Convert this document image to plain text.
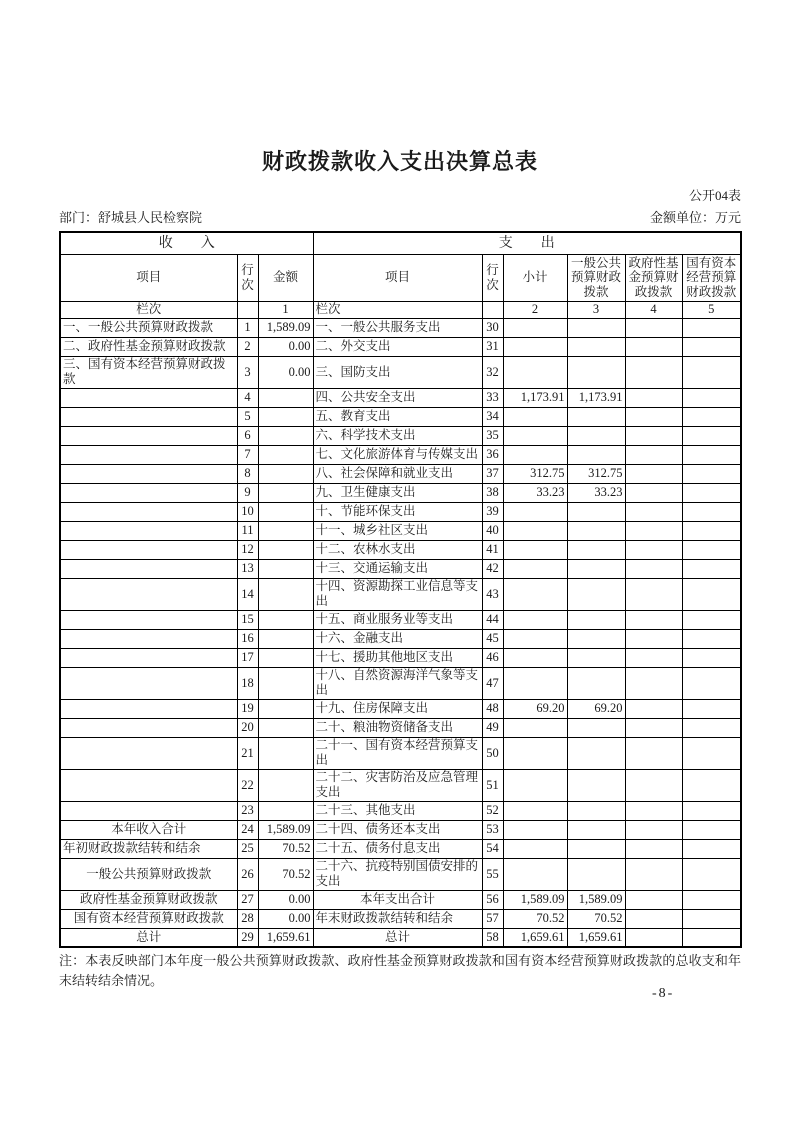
财政拨款收入支出决算总表
公开04表
部门：舒城县人民检察院	金额单位：万元
收　　入			支　　出					
项目	行次	金额	项目	行次	小计	一般公共预算财政拨款	政府性基金预算财政拨款	国有资本经营预算财政拨款
栏次		1	栏次		2	3	4	5
一、一般公共预算财政拨款	1	1,589.09	一、一般公共服务支出	30				
二、政府性基金预算财政拨款	2	0.00	二、外交支出	31				
三、国有资本经营预算财政拨款	3	0.00	三、国防支出	32				
	4		四、公共安全支出	33	1,173.91	1,173.91		
	5		五、教育支出	34				
	6		六、科学技术支出	35				
	7		七、文化旅游体育与传媒支出	36				
	8		八、社会保障和就业支出	37	312.75	312.75		
	9		九、卫生健康支出	38	33.23	33.23		
	10		十、节能环保支出	39				
	11		十一、城乡社区支出	40				
	12		十二、农林水支出	41				
	13		十三、交通运输支出	42				
	14		十四、资源勘探工业信息等支出	43				
	15		十五、商业服务业等支出	44				
	16		十六、金融支出	45				
	17		十七、援助其他地区支出	46				
	18		十八、自然资源海洋气象等支出	47				
	19		十九、住房保障支出	48	69.20	69.20		
	20		二十、粮油物资储备支出	49				
	21		二十一、国有资本经营预算支出	50				
	22		二十二、灾害防治及应急管理支出	51				
	23		二十三、其他支出	52				
本年收入合计	24	1,589.09	二十四、债务还本支出	53				
年初财政拨款结转和结余	25	70.52	二十五、债务付息支出	54				
一般公共预算财政拨款	26	70.52	二十六、抗疫特别国债安排的支出	55				
政府性基金预算财政拨款	27	0.00	本年支出合计	56	1,589.09	1,589.09		
国有资本经营预算财政拨款	28	0.00	年末财政拨款结转和结余	57	70.52	70.52		
总计	29	1,659.61	总计	58	1,659.61	1,659.61		
注：本表反映部门本年度一般公共预算财政拨款、政府性基金预算财政拨款和国有资本经营预算财政拨款的总收支和年末结转结余情况。
-8-
